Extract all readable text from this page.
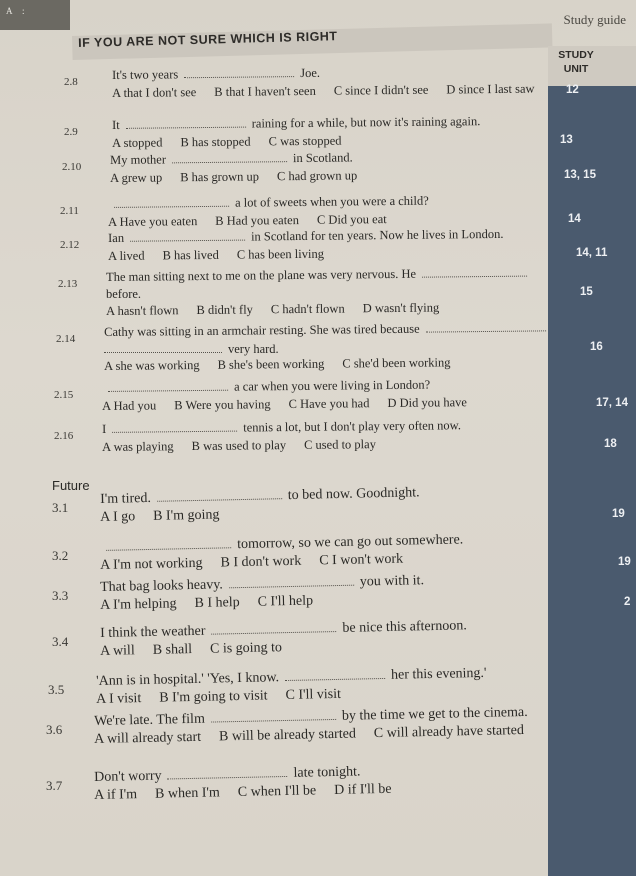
A :
Study guide
IF YOU ARE NOT SURE WHICH IS RIGHT
STUDY UNIT
Future
2.8
It's two years	Joe.
A that I don't see B that I haven't seen C since I didn't see D since I last saw	12
2.9
It	raining for a while, but now it's raining again.
A stopped B has stopped C was stopped	13
2.10
My mother	in Scotland.
A grew up B has grown up C had grown up	13, 15
2.11
a lot of sweets when you were a child?
A Have you eaten B Had you eaten C Did you eat	14
2.12
Ian	in Scotland for ten years. Now he lives in London.
A lived B has lived C has been living	14, 11
2.13
The man sitting next to me on the plane was very nervous. He
before.
A hasn't flown B didn't fly C hadn't flown D wasn't flying
15
2.14
Cathy was sitting in an armchair resting. She was tired because
very hard.
A she was working B she's been working C she'd been working
16
2.15
a car when you were living in London?
A Had you B Were you having C Have you had D Did you have	17, 14
2.16
I	tennis a lot, but I don't play very often now.
A was playing B was used to play C used to play	18
3.1
I'm tired.	to bed now. Goodnight.
A I go B I'm going	19
3.2
tomorrow, so we can go out somewhere.
A I'm not working B I don't work C I won't work	19
3.3
That bag looks heavy.	you with it.
A I'm helping B I help C I'll help	2
3.4
I think the weather	be nice this afternoon.
A will B shall C is going to
3.5
'Ann is in hospital.' 'Yes, I know.	her this evening.'
A I visit B I'm going to visit C I'll visit
3.6
We're late. The film	by the time we get to the cinema.
A will already start B will be already started C will already have started
3.7
Don't worry	late tonight.
A if I'm B when I'm C when I'll be D if I'll be
